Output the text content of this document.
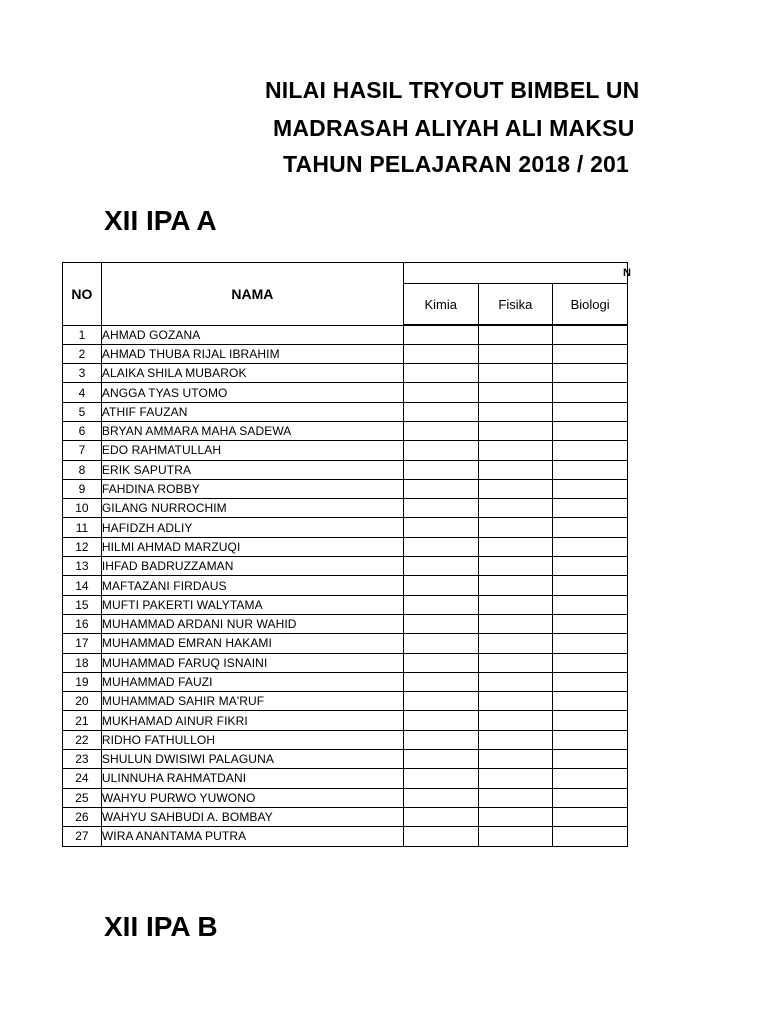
NILAI HASIL TRYOUT BIMBEL UN
MADRASAH ALIYAH ALI MAKSU
TAHUN PELAJARAN 2018 / 201
XII IPA A
NO	NAMA	N		
		Kimia	Fisika	Biologi
1	AHMAD GOZANA			
2	AHMAD THUBA RIJAL IBRAHIM			
3	ALAIKA SHILA MUBAROK			
4	ANGGA TYAS UTOMO			
5	ATHIF FAUZAN			
6	BRYAN AMMARA MAHA SADEWA			
7	EDO RAHMATULLAH			
8	ERIK SAPUTRA			
9	FAHDINA ROBBY			
10	GILANG NURROCHIM			
11	HAFIDZH ADLIY			
12	HILMI AHMAD MARZUQI			
13	IHFAD BADRUZZAMAN			
14	MAFTAZANI FIRDAUS			
15	MUFTI PAKERTI WALYTAMA			
16	MUHAMMAD ARDANI NUR WAHID			
17	MUHAMMAD EMRAN HAKAMI			
18	MUHAMMAD FARUQ ISNAINI			
19	MUHAMMAD FAUZI			
20	MUHAMMAD SAHIR MA'RUF			
21	MUKHAMAD AINUR FIKRI			
22	RIDHO FATHULLOH			
23	SHULUN DWISIWI PALAGUNA			
24	ULINNUHA RAHMATDANI			
25	WAHYU PURWO YUWONO			
26	WAHYU SAHBUDI A. BOMBAY			
27	WIRA ANANTAMA PUTRA			
XII IPA B
